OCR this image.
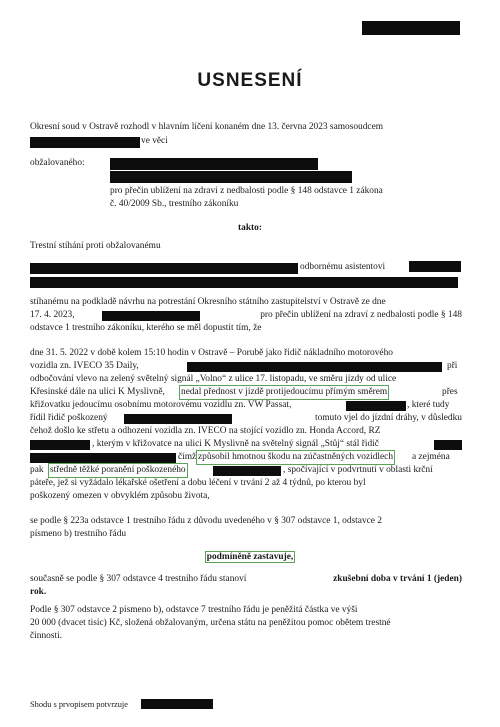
USNESENÍ
Okresní soud v Ostravě rozhodl v hlavním líčení konaném dne 13. června 2023 samosoudcem
ve věci
obžalovaného:
pro přečin ublížení na zdraví z nedbalosti podle § 148 odstavce 1 zákona
č. 40/2009 Sb., trestního zákoníku
takto:
Trestní stíhání proti obžalovanému
odbornému asistentovi
stíhanému na podkladě návrhu na potrestání Okresního státního zastupitelství v Ostravě ze dne
17. 4. 2023,	pro přečin ublížení na zdraví z nedbalosti podle § 148
odstavce 1 trestního zákoníku, kterého se měl dopustit tím, že
dne 31. 5. 2022 v době kolem 15:10 hodin v Ostravě – Porubě jako řidič nákladního motorového
vozidla zn. IVECO 35 Daily,	při
odbočování vlevo na zelený světelný signál „Volno“ z ulice 17. listopadu, ve směru jízdy od ulice
Křesinské dále na ulici K Myslivně, nedal přednost v jízdě protijedoucímu přímým směrem	přes
křižovatku jedoucímu osobnímu motorovému vozidlu zn. VW Passat,	, které tudy
řídil řidič poškozený	tomuto vjel do jízdní dráhy, v důsledku
čehož došlo ke střetu a odhození vozidla zn. IVECO na stojící vozidlo zn. Honda Accord, RZ
, kterým v křižovatce na ulici K Myslivně na světelný signál „Stůj“ stál řidič
čímž způsobil hmotnou škodu na zúčastněných vozidlech a zejména
pak středně těžké poranění poškozeného	, spočívající v podvrtnutí v oblasti krční
páteře, jež si vyžádalo lékařské ošetření a dobu léčení v trvání 2 až 4 týdnů, po kterou byl
poškozený omezen v obvyklém způsobu života,
se podle § 223a odstavce 1 trestního řádu z důvodu uvedeného v § 307 odstavce 1, odstavce 2
písmeno b) trestního řádu
podmíněně zastavuje,
současně se podle § 307 odstavce 4 trestního řádu stanoví	zkušební doba v trvání 1 (jeden)
rok.
Podle § 307 odstavce 2 písmeno b), odstavce 7 trestního řádu je peněžitá částka ve výši
20 000 (dvacet tisíc) Kč, složená obžalovaným, určena státu na peněžitou pomoc obětem trestné
činnosti.
Shodu s prvopisem potvrzuje
